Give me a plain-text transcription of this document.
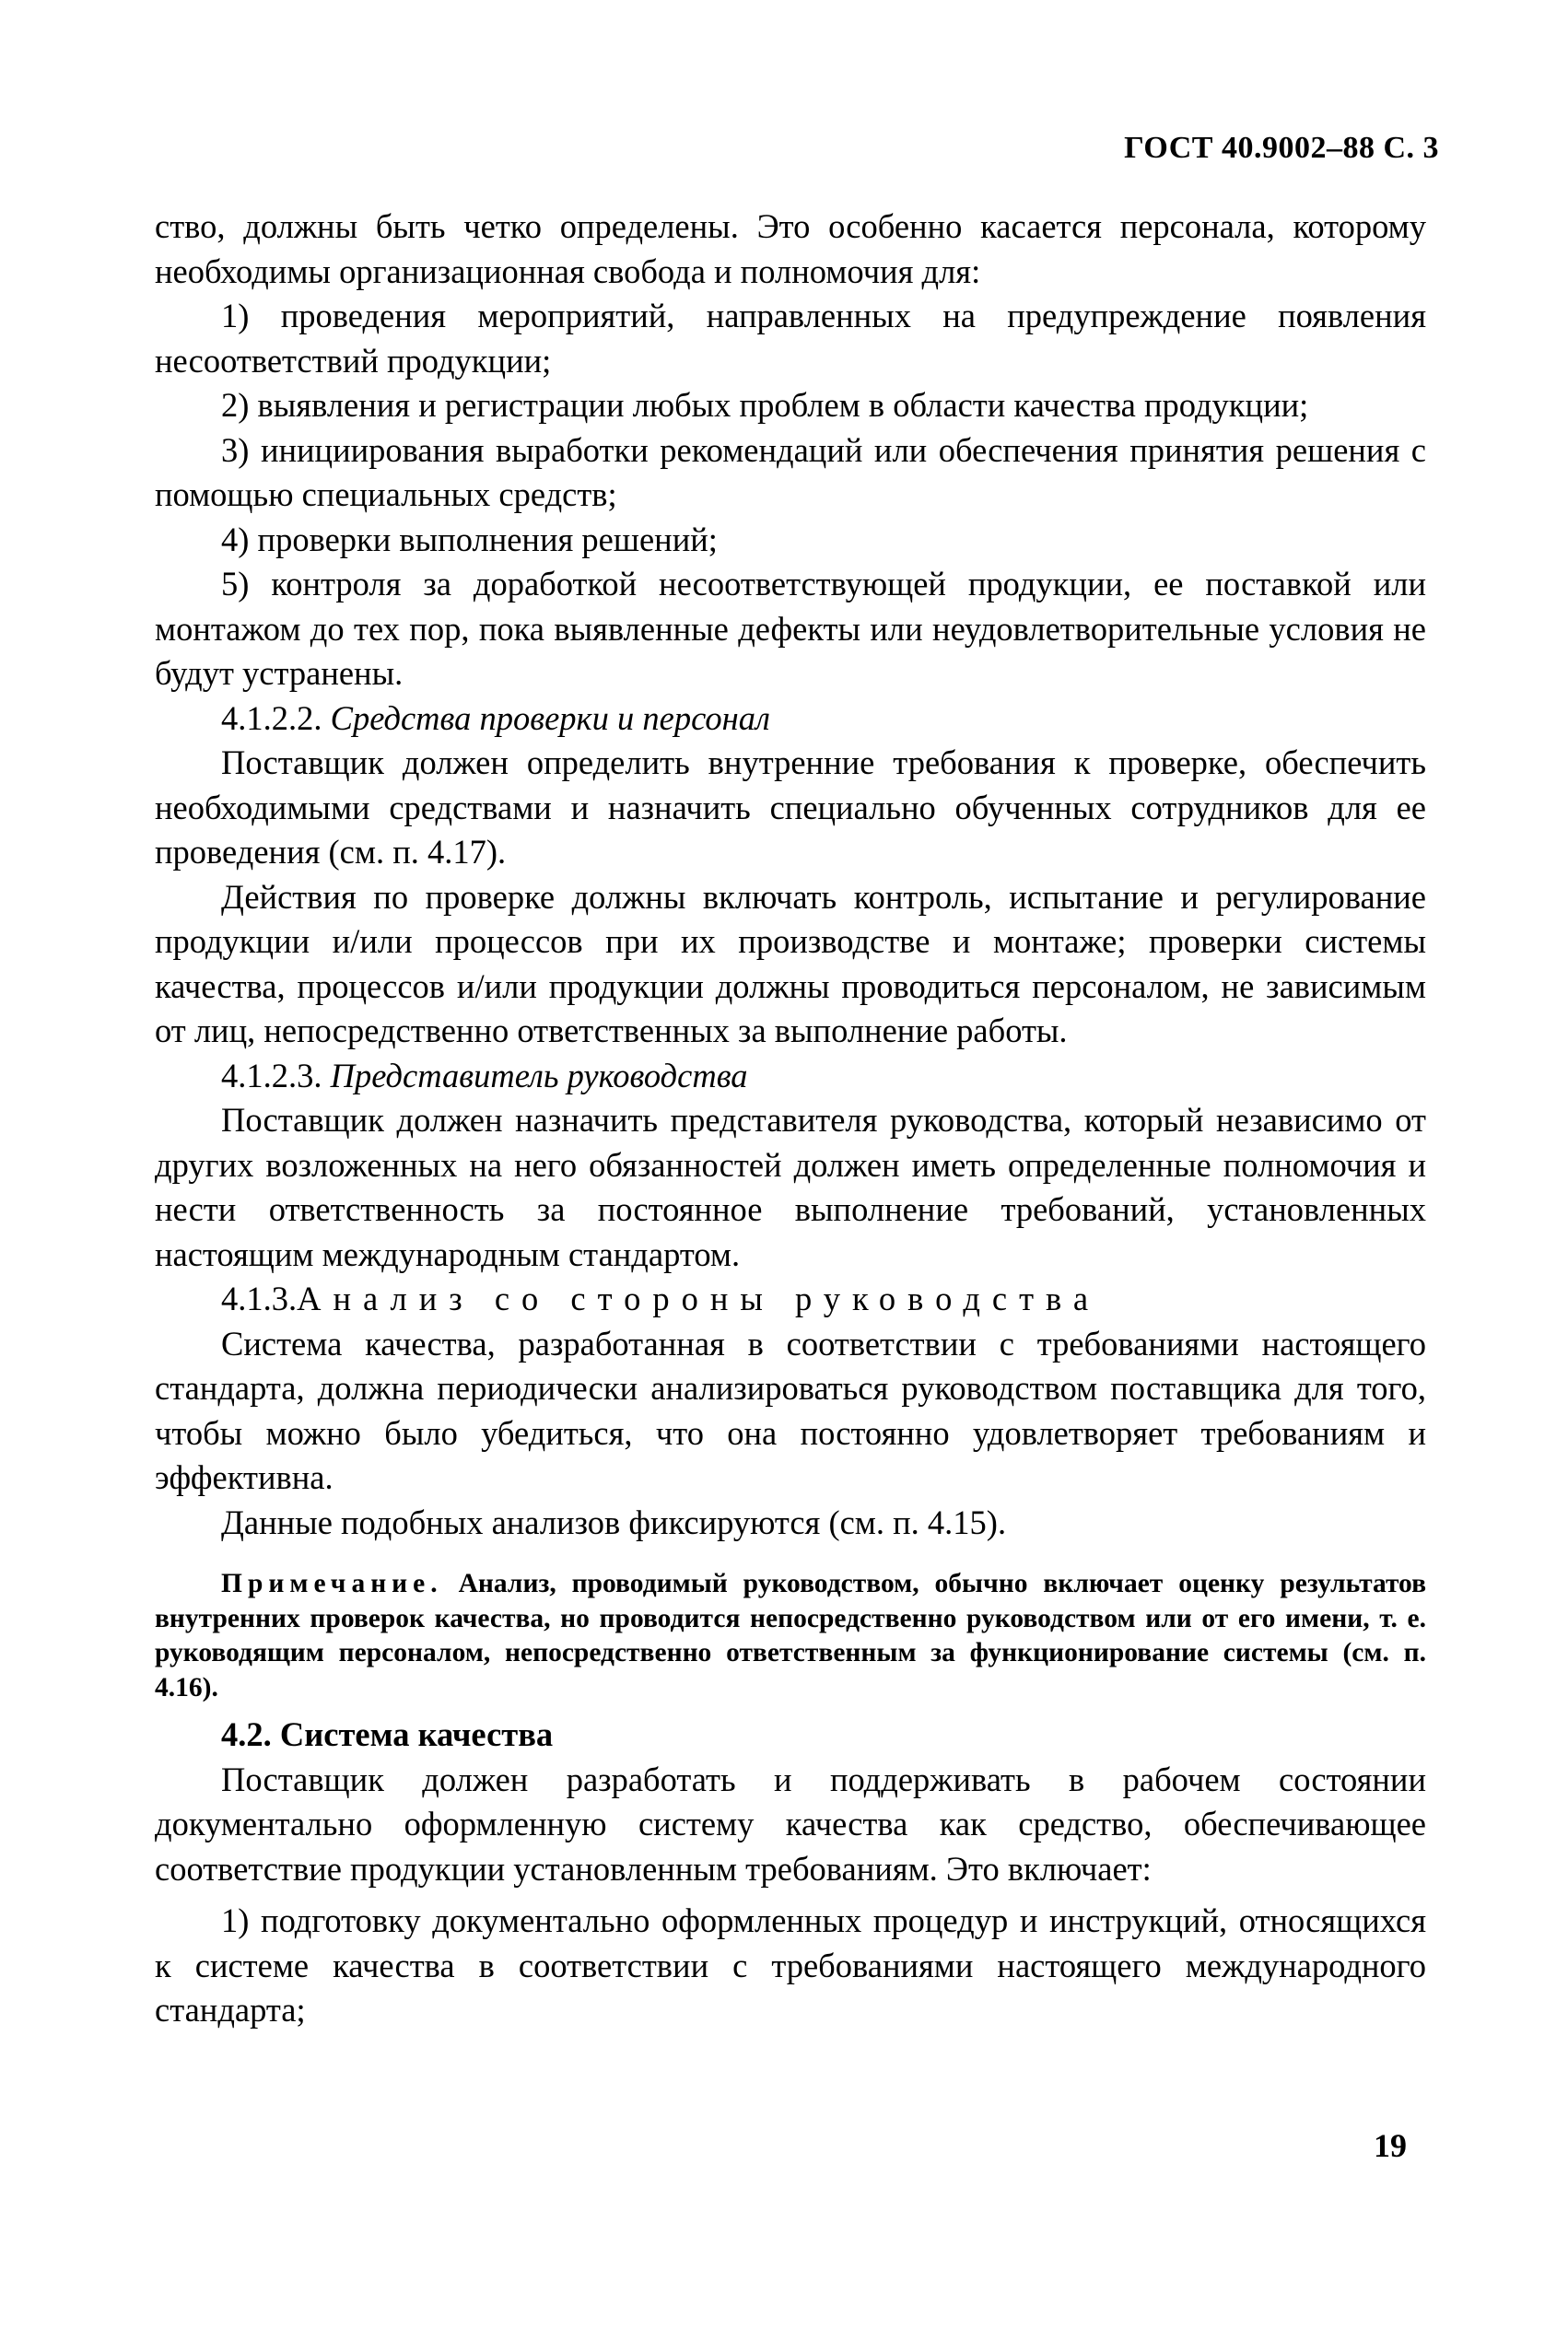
ГОСТ 40.9002–88 С. 3

ство, должны быть четко определены. Это особенно касается персонала, которому необходимы организационная свобода и полномочия для:

1) проведения мероприятий, направленных на предупреждение появления несоответствий продукции;

2) выявления и регистрации любых проблем в области качества продукции;

3) инициирования выработки рекомендаций или обеспечения принятия решения с помощью специальных средств;

4) проверки выполнения решений;

5) контроля за доработкой несоответствующей продукции, ее поставкой или монтажом до тех пор, пока выявленные дефекты или неудовлетворительные условия не будут устранены.

4.1.2.2. Средства проверки и персонал

Поставщик должен определить внутренние требования к проверке, обеспечить необходимыми средствами и назначить специально обученных сотрудников для ее проведения (см. п. 4.17).

Действия по проверке должны включать контроль, испытание и регулирование продукции и/или процессов при их производстве и монтаже; проверки системы качества, процессов и/или продукции должны проводиться персоналом, не зависимым от лиц, непосредственно ответственных за выполнение работы.

4.1.2.3. Представитель руководства

Поставщик должен назначить представителя руководства, который независимо от других возложенных на него обязанностей должен иметь определенные полномочия и нести ответственность за постоянное выполнение требований, установленных настоящим международным стандартом.

4.1.3.Анализ со стороны руководства

Система качества, разработанная в соответствии с требованиями настоящего стандарта, должна периодически анализироваться руководством поставщика для того, чтобы можно было убедиться, что она постоянно удовлетворяет требованиям и эффективна.

Данные подобных анализов фиксируются (см. п. 4.15).

Примечание. Анализ, проводимый руководством, обычно включает оценку результатов внутренних проверок качества, но проводится непосредственно руководством или от его имени, т. е. руководящим персоналом, непосредственно ответственным за функционирование системы (см. п. 4.16).

4.2. Система качества

Поставщик должен разработать и поддерживать в рабочем состоянии документально оформленную систему качества как средство, обеспечивающее соответствие продукции установленным требованиям. Это включает:

1) подготовку документально оформленных процедур и инструкций, относящихся к системе качества в соответствии с требованиями настоящего международного стандарта;

19
